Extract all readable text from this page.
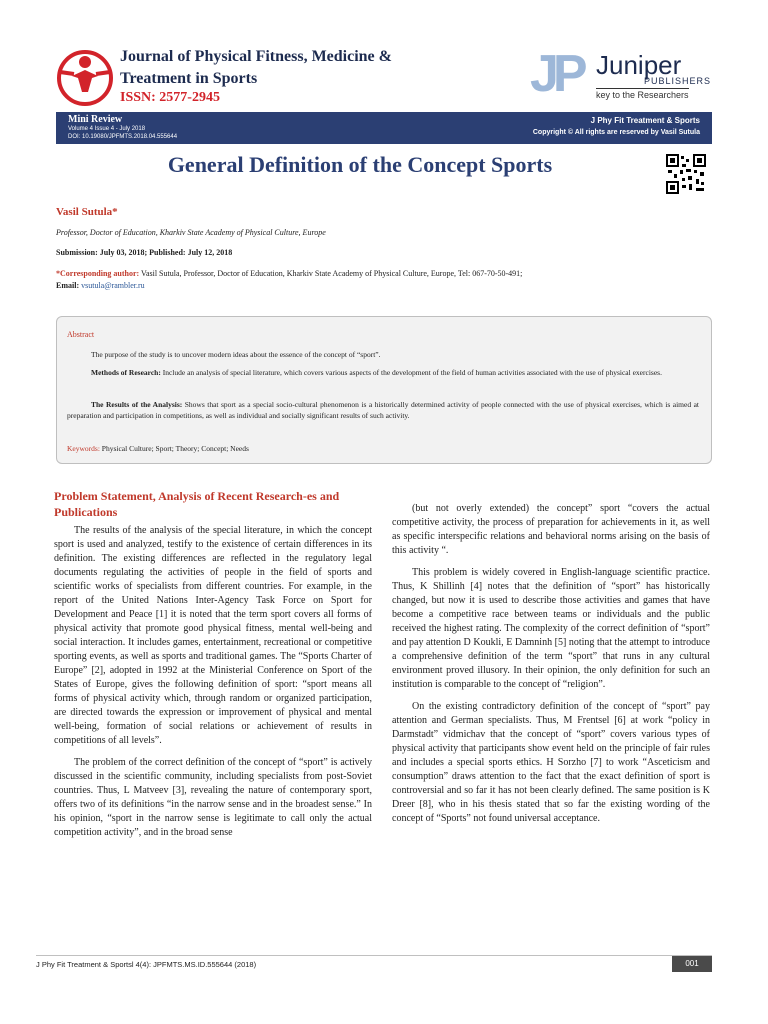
Journal of Physical Fitness, Medicine & Treatment in Sports
ISSN: 2577-2945	JP Juniper
PUBLISHERS
key to the Researchers
Mini Review
Volume 4 Issue 4 - July 2018
DOI: 10.19080/JPFMTS.2018.04.555644
J Phy Fit Treatment & Sports
Copyright © All rights are reserved by Vasil Sutula
General Definition of the Concept Sports
Vasil Sutula*
Professor, Doctor of Education, Kharkiv State Academy of Physical Culture, Europe
Submission: July 03, 2018; Published: July 12, 2018
*Corresponding author: Vasil Sutula, Professor, Doctor of Education, Kharkiv State Academy of Physical Culture, Europe, Tel: 067-70-50-491;
Email: vsutula@rambler.ru
Abstract
The purpose of the study is to uncover modern ideas about the essence of the concept of “sport”.
Methods of Research: Include an analysis of special literature, which covers various aspects of the development of the field of human activities associated with the use of physical exercises.
The Results of the Analysis: Shows that sport as a special socio-cultural phenomenon is a historically determined activity of people connected with the use of physical exercises, which is aimed at preparation and participation in competitions, as well as individual and socially significant results of such activity.
Keywords: Physical Culture; Sport; Theory; Concept; Needs
Problem Statement, Analysis of Recent Research-es and Publications

The results of the analysis of the special literature, in which the concept sport is used and analyzed, testify to the existence of certain differences in its definition. The existing differences are reflected in the regulatory legal documents regulating the activities of people in the field of sports and scientific works of specialists from different countries. For example, in the report of the United Nations Inter-Agency Task Force on Sport for Development and Peace [1] it is noted that the term sport covers all forms of physical activity that promote good physical fitness, mental well-being and social interaction. It includes games, entertainment, recreational or competitive sporting events, as well as sports and traditional games. The “Sports Charter of Europe” [2], adopted in 1992 at the Ministerial Conference on Sport of the States of Europe, gives the following definition of sport: “sport means all forms of physical activity which, through random or organized participation, are directed towards the expression or improvement of physical and mental well-being, formation of social relations or achievement of results in competitions of all levels”.

The problem of the correct definition of the concept of “sport” is actively discussed in the scientific community, including specialists from post-Soviet countries. Thus, L Matveev [3], revealing the nature of contemporary sport, offers two of its definitions “in the narrow sense and in the broadest sense.” In his opinion, “sport in the narrow sense is legitimate to call only the actual competition activity”, and in the broad sense

(but not overly extended) the concept” sport “covers the actual competitive activity, the process of preparation for achievements in it, as well as specific interspecific relations and behavioral norms arising on the basis of this activity “.

This problem is widely covered in English-language scientific practice. Thus, K Shillinh [4] notes that the definition of “sport” has historically changed, but now it is used to describe those activities and games that have become a competitive race between teams or individuals and the public received the highest rating. The complexity of the correct definition of “sport” and pay attention D Koukli, E Damninh [5] noting that the attempt to introduce a comprehensive definition of the term “sport” that runs in any cultural environment proved illusory. In their opinion, the only definition for such an institution is comparable to the concept of “religion”.

On the existing contradictory definition of the concept of “sport” pay attention and German specialists. Thus, M Frentsel [6] at work “policy in Darmstadt” vidmichav that the concept of “sport” covers various types of physical activity that participants show event held on the principle of fair rules and includes a special sports ethics. H Sorzho [7] to work “Asceticism and consumption” draws attention to the fact that the exact definition of sport is controversial and so far it has not been clearly defined. The same position is K Dreer [8], who in his thesis stated that so far the existing wording of the concept of “Sports” not found universal acceptance.

J Phy Fit Treatment & Sportsl 4(4): JPFMTS.MS.ID.555644 (2018)	001
